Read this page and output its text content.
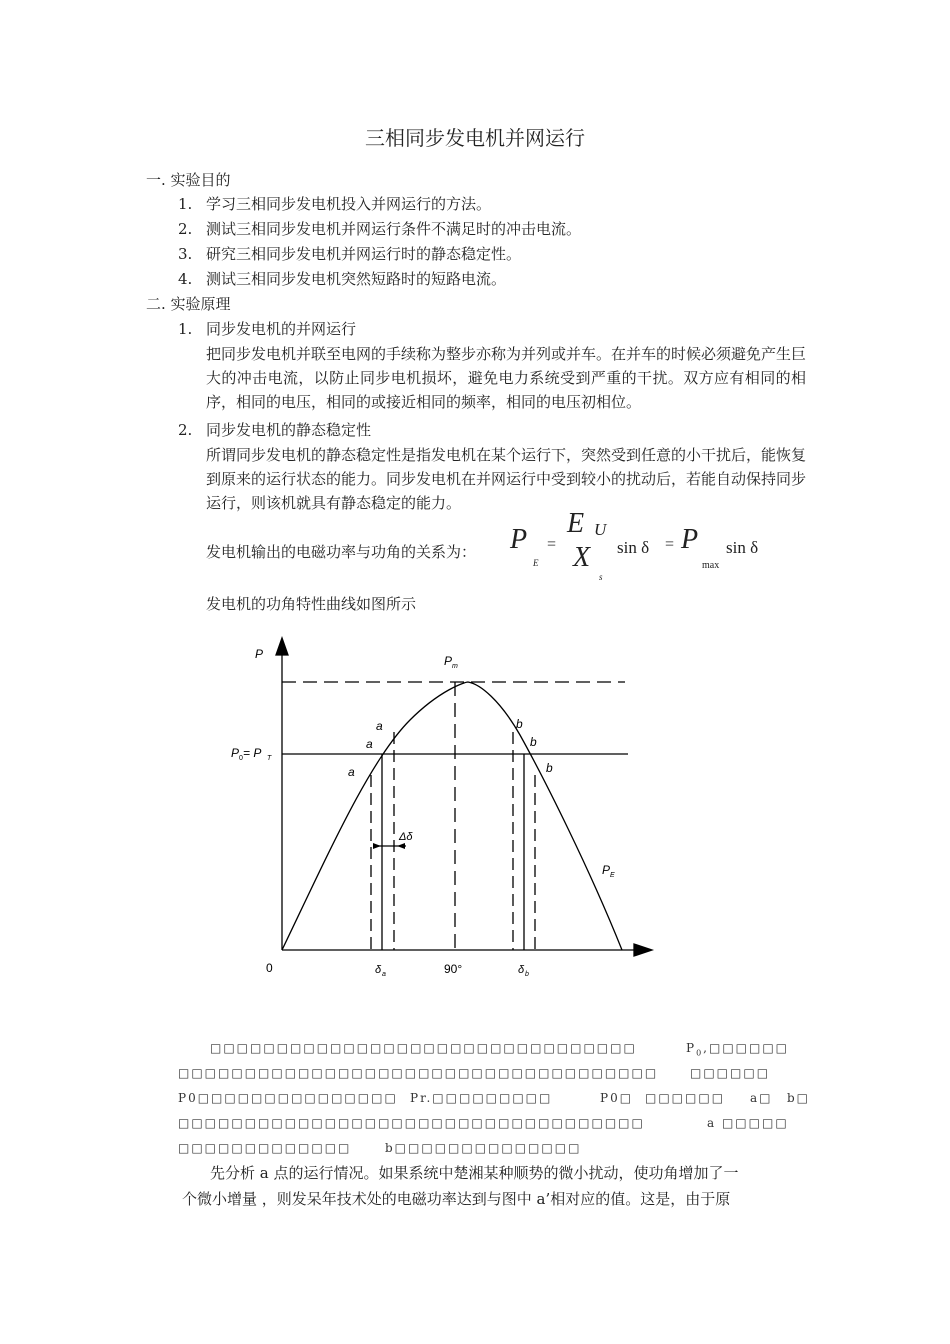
三相同步发电机并网运行
一. 实验目的
1. 学习三相同步发电机投入并网运行的方法。
2. 测试三相同步发电机并网运行条件不满足时的冲击电流。
3. 研究三相同步发电机并网运行时的静态稳定性。
4. 测试三相同步发电机突然短路时的短路电流。
二. 实验原理
1. 同步发电机的并网运行
把同步发电机并联至电网的手续称为整步亦称为并列或并车。在并车的时候必须避免产生巨大的冲击电流，以防止同步电机损坏，避免电力系统受到严重的干扰。双方应有相同的相序，相同的电压，相同的或接近相同的频率，相同的电压初相位。
2. 同步发电机的静态稳定性
所谓同步发电机的静态稳定性是指发电机在某个运行下，突然受到任意的小干扰后，能恢复到原来的运行状态的能力。同步发电机在并网运行中受到较小的扰动后，若能自动保持同步运行，则该机就具有静态稳定的能力。
发电机输出的电磁功率与功角的关系为： P
E
=
E U
X
s
sin δ = P
max
sin δ
发电机的功角特性曲线如图所示
P	P m
P 0 = P T
a
a
a
b
b
b
Δδ
P E
0	δ a	90°	δ b
□□□□□□□□□□□□□□□□□□□□□□□□□□□□□□□□	$P_0,□□□□□□$
□□□□□□□□□□□□□□□□□□□□□□□□□□□□□□□□□□□□	□□□□□□
P0□□□□□□□□□□□□□□□ Pr.□□□□□□□□□	P0□ □□□□□□ a□ b□
□□□□□□□□□□□□□□□□□□□□□□□□□□□□□□□□□□□	a □□□□□
□□□□□□□□□□□□□	b□□□□□□□□□□□□□□
先分析 a 点的运行情况。如果系统中楚湘某种顺势的微小扰动，使功角增加了一
个微小增量 ，则发呆年技术处的电磁功率达到与图中 a’相对应的值。这是，由于原
